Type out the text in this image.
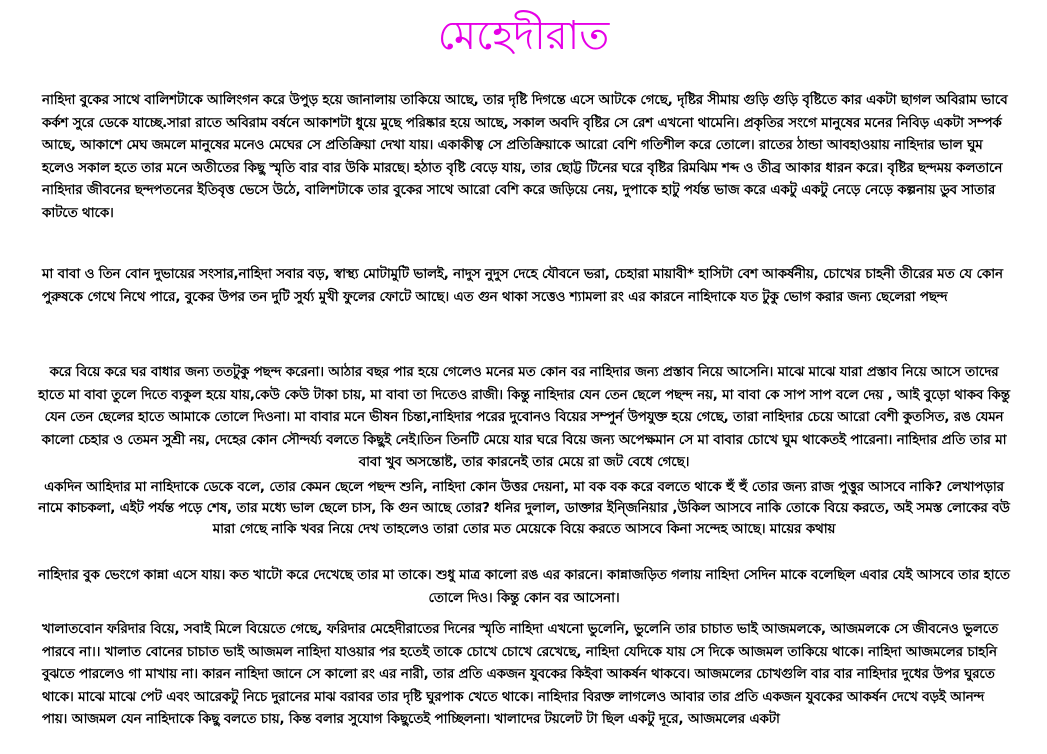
মেহেদীরাত

নাহিদা বুকের সাথে বালিশটাকে আলিংগন করে উপুড় হয়ে জানালায় তাকিয়ে আছে, তার দৃষ্টি দিগন্তে এসে আটকে গেছে, দৃষ্টির সীমায় গুড়ি গুড়ি বৃষ্টিতে কার একটা ছাগল অবিরাম ভাবে কর্কশ সুরে ডেকে যাচ্ছে.সারা রাতে অবিরাম বর্ষনে আকাশটা ধুয়ে মুছে পরিষ্কার হয়ে আছে, সকাল অবদি বৃষ্টির সে রেশ এখনো থামেনি। প্রকৃতির সংগে মানুষের মনের নিবিড় একটা সম্পর্ক আছে, আকাশে মেঘ জমলে মানুষের মনেও মেঘের সে প্রতিক্রিয়া দেখা যায়। একাকীত্ব সে প্রতিক্রিয়াকে আরো বেশি গতিশীল করে তোলে। রাতের ঠান্ডা আবহাওয়ায় নাহিদার ভাল ঘুম হলেও সকাল হতে তার মনে অতীতের কিছু স্মৃতি বার বার উকি মারছে। হঠাত বৃষ্টি বেড়ে যায়, তার ছোট্ট টিনের ঘরে বৃষ্টির রিমঝিম শব্দ ও তীব্র আকার ধারন করে। বৃষ্টির ছন্দময় কলতানে নাহিদার জীবনের ছন্দপতনের ইতিবৃত্ত ভেসে উঠে, বালিশটাকে তার বুকের সাথে আরো বেশি করে জড়িয়ে নেয়, দুপাকে হাটু পর্যন্ত ভাজ করে একটু একটু নেড়ে নেড়ে কল্পনায় ডুব সাতার কাটতে থাকে।

মা বাবা ও তিন বোন দুভায়ের সংসার,নাহিদা সবার বড়, স্বাস্থ্য মোটামুটি ভালই, নাদুস নুদুস দেহে যৌবনে ভরা, চেহারা মায়াবী* হাসিটা বেশ আকর্ষনীয়, চোখের চাহনী তীরের মত যে কোন পুরুষকে গেথে নিথে পারে, বুকের উপর তন দুটি সুর্য্য মুখী ফুলের ফোটে আছে। এত গুন থাকা সত্তেও শ্যামলা রং এর কারনে নাহিদাকে যত টুকু ভোগ করার জন্য ছেলেরা পছন্দ

করে বিয়ে করে ঘর বাধার জন্য ততটুকু পছন্দ করেনা। আঠার বছর পার হয়ে গেলেও মনের মত কোন বর নাহিদার জন্য প্রস্তাব নিয়ে আসেনি। মাঝে মাঝে যারা প্রস্তাব নিয়ে আসে তাদের হাতে মা বাবা তুলে দিতে ব্যকুল হয়ে যায়,কেউ কেউ টাকা চায়, মা বাবা তা দিতেও রাজী। কিন্তু নাহিদার যেন তেন ছেলে পছন্দ নয়, মা বাবা কে সাপ সাপ বলে দেয় , আই বুড়ো থাকব কিন্তু যেন তেন ছেলের হাতে আমাকে তোলে দিওনা। মা বাবার মনে ভীষন চিন্তা,নাহিদার পরের দুবোনও বিয়ের সম্পুর্ন উপযুক্ত হয়ে গেছে, তারা নাহিদার চেয়ে আরো বেশী কুতসিত, রঙ যেমন কালো চেহার ও তেমন সুশ্রী নয়, দেহের কোন সৌন্দর্য্য বলতে কিছুই নেই।তিন তিনটি মেয়ে যার ঘরে বিয়ে জন্য অপেক্ষমান সে মা বাবার চোখে ঘুম থাকেতই পারেনা। নাহিদার প্রতি তার মা বাবা খুব অসন্তোষ্ট, তার কারনেই তার মেয়ে রা জট বেধে গেছে।

একদিন আহিদার মা নাহিদাকে ডেকে বলে, তোর কেমন ছেলে পছন্দ শুনি, নাহিদা কোন উত্তর দেয়না, মা বক বক করে বলতে থাকে হুঁ হুঁ তোর জন্য রাজ পুত্তুর আসবে নাকি? লেখাপড়ার নামে কাচকলা, এইট পর্যন্ত পড়ে শেষ, তার মধ্যে ভাল ছেলে চাস, কি গুন আছে তোর? ধনির দুলাল, ডাক্তার ইন্জিনিয়ার ,উকিল আসবে নাকি তোকে বিয়ে করতে, অই সমস্ত লোকের বউ মারা গেছে নাকি খবর নিয়ে দেখ তাহলেও তারা তোর মত মেয়েকে বিয়ে করতে আসবে কিনা সন্দেহ আছে। মায়ের কথায়

নাহিদার বুক ভেংগে কান্না এসে যায়। কত খাটো করে দেখেছে তার মা তাকে। শুধু মাত্র কালো রঙ এর কারনে। কান্নাজড়িত গলায় নাহিদা সেদিন মাকে বলেছিল এবার যেই আসবে তার হাতে তোলে দিও। কিন্তু কোন বর আসেনা।

খালাতবোন ফরিদার বিয়ে, সবাই মিলে বিয়েতে গেছে, ফরিদার মেহেদীরাতের দিনের স্মৃতি নাহিদা এখনো ভুলেনি, ভুলেনি তার চাচাত ভাই আজমলকে, আজমলকে সে জীবনেও ভুলতে পারবে না।। খালাত বোনের চাচাত ভাই আজমল নাহিদা যাওয়ার পর হতেই তাকে চোখে চোখে রেখেছে, নাহিদা যেদিকে যায় সে দিকে আজমল তাকিয়ে থাকে। নাহিদা আজমলের চাহনি বুঝতে পারলেও গা মাখায় না। কারন নাহিদা জানে সে কালো রং এর নারী, তার প্রতি একজন যুবকের কিইবা আকর্ষন থাকবে। আজমলের চোখগুলি বার বার নাহিদার দুধের উপর ঘুরতে থাকে। মাঝে মাঝে পেট এবং আরেকটু নিচে দুরানের মাঝ বরাবর তার দৃষ্টি ঘুরপাক খেতে থাকে। নাহিদার বিরক্ত লাগলেও আবার তার প্রতি একজন যুবকের আকর্ষন দেখে বড়ই আনন্দ পায়। আজমল যেন নাহিদাকে কিছু বলতে চায়, কিন্ত বলার সুযোগ কিছুতেই পাচ্ছিলনা। খালাদের টয়লেট টা ছিল একটু দূরে, আজমলের একটা
